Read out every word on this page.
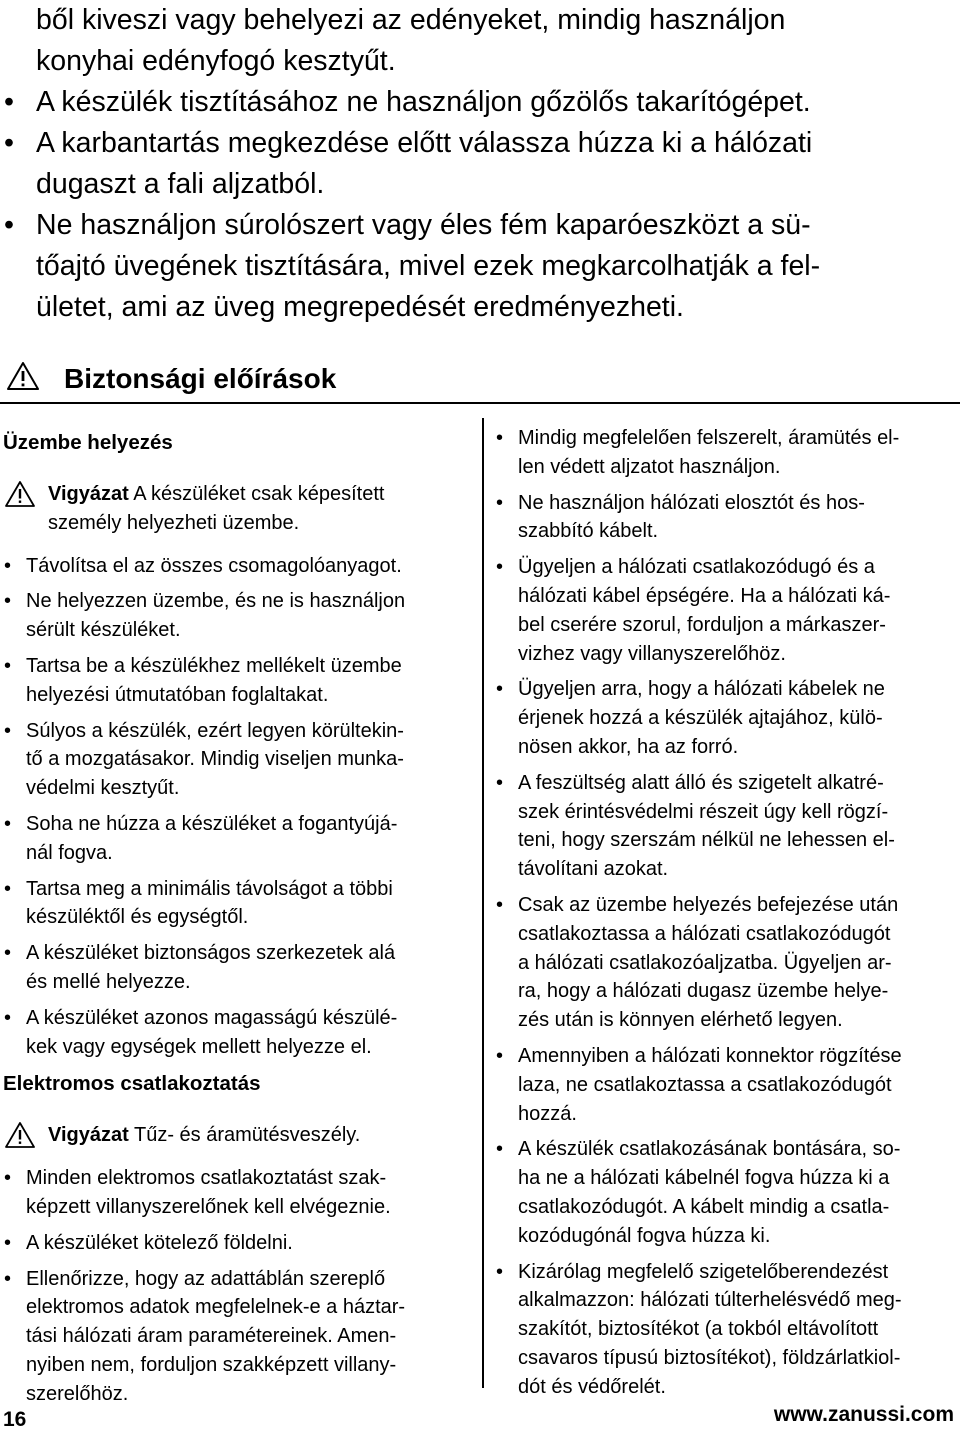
ből kiveszi vagy behelyezi az edényeket, mindig használjon
konyhai edényfogó kesztyűt.
• A készülék tisztításához ne használjon gőzölős takarítógépet.
• A karbantartás megkezdése előtt válassza húzza ki a hálózati
dugaszt a fali aljzatból.
• Ne használjon súrolószert vagy éles fém kaparóeszközt a sü-
tőajtó üvegének tisztítására, mivel ezek megkarcolhatják a fel-
ületet, ami az üveg megrepedését eredményezheti.
Biztonsági előírások
Üzembe helyezés
Vigyázat A készüléket csak képesített
személy helyezheti üzembe.
• Távolítsa el az összes csomagolóanyagot.
• Ne helyezzen üzembe, és ne is használjon
sérült készüléket.
• Tartsa be a készülékhez mellékelt üzembe
helyezési útmutatóban foglaltakat.
• Súlyos a készülék, ezért legyen körültekin-
tő a mozgatásakor. Mindig viseljen munka-
védelmi kesztyűt.
• Soha ne húzza a készüléket a fogantyújá-
nál fogva.
• Tartsa meg a minimális távolságot a többi
készüléktől és egységtől.
• A készüléket biztonságos szerkezetek alá
és mellé helyezze.
• A készüléket azonos magasságú készülé-
kek vagy egységek mellett helyezze el.
Elektromos csatlakoztatás
Vigyázat Tűz- és áramütésveszély.
• Minden elektromos csatlakoztatást szak-
képzett villanyszerelőnek kell elvégeznie.
• A készüléket kötelező földelni.
• Ellenőrizze, hogy az adattáblán szereplő
elektromos adatok megfelelnek-e a háztar-
tási hálózati áram paramétereinek. Amen-
nyiben nem, forduljon szakképzett villany-
szerelőhöz.
• Mindig megfelelően felszerelt, áramütés el-
len védett aljzatot használjon.
• Ne használjon hálózati elosztót és hos-
szabbító kábelt.
• Ügyeljen a hálózati csatlakozódugó és a
hálózati kábel épségére. Ha a hálózati ká-
bel cserére szorul, forduljon a márkaszer-
vizhez vagy villanyszerelőhöz.
• Ügyeljen arra, hogy a hálózati kábelek ne
érjenek hozzá a készülék ajtajához, külö-
nösen akkor, ha az forró.
• A feszültség alatt álló és szigetelt alkatré-
szek érintésvédelmi részeit úgy kell rögzí-
teni, hogy szerszám nélkül ne lehessen el-
távolítani azokat.
• Csak az üzembe helyezés befejezése után
csatlakoztassa a hálózati csatlakozódugót
a hálózati csatlakozóaljzatba. Ügyeljen ar-
ra, hogy a hálózati dugasz üzembe helye-
zés után is könnyen elérhető legyen.
• Amennyiben a hálózati konnektor rögzítése
laza, ne csatlakoztassa a csatlakozódugót
hozzá.
• A készülék csatlakozásának bontására, so-
ha ne a hálózati kábelnél fogva húzza ki a
csatlakozódugót. A kábelt mindig a csatla-
kozódugónál fogva húzza ki.
• Kizárólag megfelelő szigetelőberendezést
alkalmazzon: hálózati túlterhelésvédő meg-
szakítót, biztosítékot (a tokból eltávolított
csavaros típusú biztosítékot), földzárlatkiol-
dót és védőrelét.
16	www.zanussi.com
